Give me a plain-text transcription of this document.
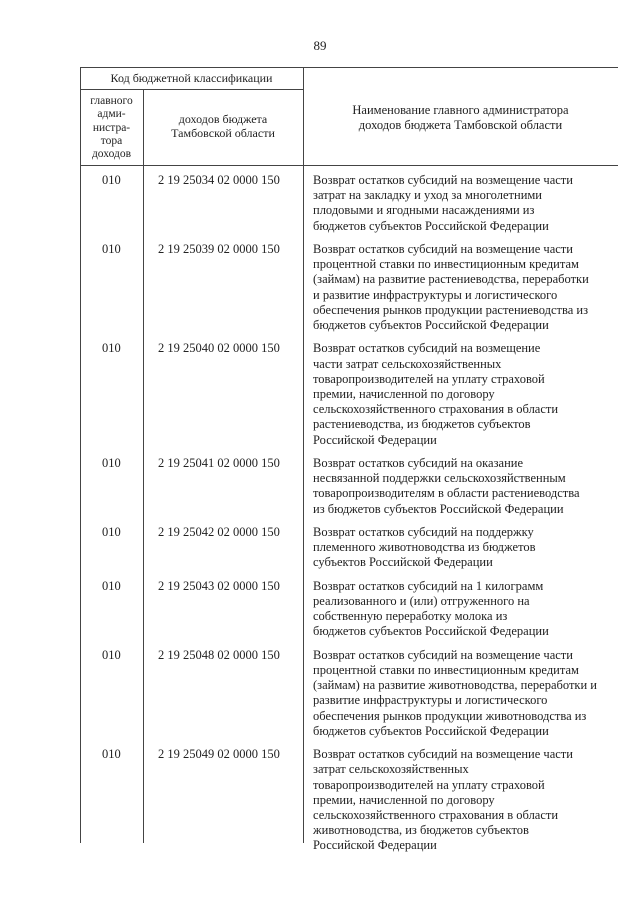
89
Код бюджетной классификации
главного
адми-
нистра-
тора
доходов
доходов бюджета
Тамбовской области
Наименование главного администратора
доходов бюджета Тамбовской области
010	2 19 25034 02 0000 150	Возврат остатков субсидий на возмещение части
затрат на закладку и уход за многолетними
плодовыми и ягодными насаждениями из
бюджетов субъектов Российской Федерации
010	2 19 25039 02 0000 150	Возврат остатков субсидий на возмещение части
процентной ставки по инвестиционным кредитам
(займам) на развитие растениеводства, переработки
и развитие инфраструктуры и логистического
обеспечения рынков продукции растениеводства из
бюджетов субъектов Российской Федерации
010	2 19 25040 02 0000 150	Возврат остатков субсидий на возмещение
части затрат сельскохозяйственных
товаропроизводителей на уплату страховой
премии, начисленной по договору
сельскохозяйственного страхования в области
растениеводства, из бюджетов субъектов
Российской Федерации
010	2 19 25041 02 0000 150	Возврат остатков субсидий на оказание
несвязанной поддержки сельскохозяйственным
товаропроизводителям в области растениеводства
из бюджетов субъектов Российской Федерации
010	2 19 25042 02 0000 150	Возврат остатков субсидий на поддержку
племенного животноводства из бюджетов
субъектов Российской Федерации
010	2 19 25043 02 0000 150	Возврат остатков субсидий на 1 килограмм
реализованного и (или) отгруженного на
собственную переработку молока из
бюджетов субъектов Российской Федерации
010	2 19 25048 02 0000 150	Возврат остатков субсидий на возмещение части
процентной ставки по инвестиционным кредитам
(займам) на развитие животноводства, переработки и
развитие инфраструктуры и логистического
обеспечения рынков продукции животноводства из
бюджетов субъектов Российской Федерации
010	2 19 25049 02 0000 150	Возврат остатков субсидий на возмещение части
затрат сельскохозяйственных
товаропроизводителей на уплату страховой
премии, начисленной по договору
сельскохозяйственного страхования в области
животноводства, из бюджетов субъектов
Российской Федерации
